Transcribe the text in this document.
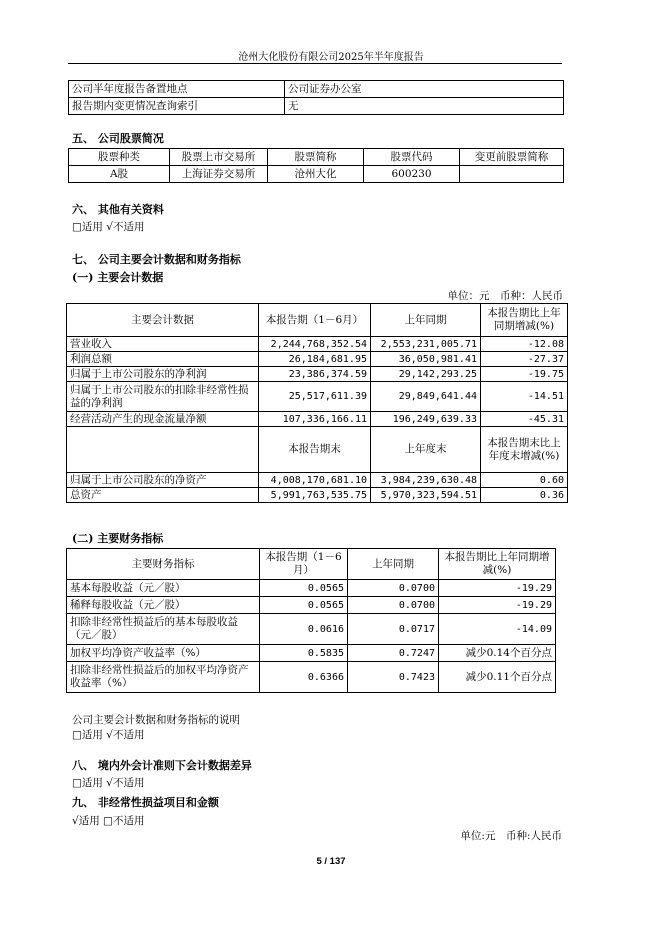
沧州大化股份有限公司2025年半年度报告
公司半年度报告备置地点	公司证券办公室
报告期内变更情况查询索引	无
五、 公司股票简况
股票种类	股票上市交易所	股票简称	股票代码	变更前股票简称
A股	上海证券交易所	沧州大化	600230	
六、 其他有关资料
□适用 √不适用
七、 公司主要会计数据和财务指标
(一) 主要会计数据
单位：元　币种：人民币
主要会计数据	本报告期（1－6月）	上年同期	本报告期比上年同期增减(%)
营业收入	2,244,768,352.54	2,553,231,005.71	-12.08
利润总额	26,184,681.95	36,050,981.41	-27.37
归属于上市公司股东的净利润	23,386,374.59	29,142,293.25	-19.75
归属于上市公司股东的扣除非经常性损益的净利润	25,517,611.39	29,849,641.44	-14.51
经营活动产生的现金流量净额	107,336,166.11	196,249,639.33	-45.31
	本报告期末	上年度末	本报告期末比上年度末增减(%)
归属于上市公司股东的净资产	4,008,170,681.10	3,984,239,630.48	0.60
总资产	5,991,763,535.75	5,970,323,594.51	0.36
(二) 主要财务指标
主要财务指标	本报告期（1－6月）	上年同期	本报告期比上年同期增减(%)
基本每股收益（元／股）	0.0565	0.0700	-19.29
稀释每股收益（元／股）	0.0565	0.0700	-19.29
扣除非经常性损益后的基本每股收益（元／股）	0.0616	0.0717	-14.09
加权平均净资产收益率（%）	0.5835	0.7247	减少0.14个百分点
扣除非经常性损益后的加权平均净资产收益率（%）	0.6366	0.7423	减少0.11个百分点
公司主要会计数据和财务指标的说明
□适用 √不适用
八、 境内外会计准则下会计数据差异
□适用 √不适用
九、 非经常性损益项目和金额
√适用 □不适用
单位:元　币种:人民币
5 / 137
